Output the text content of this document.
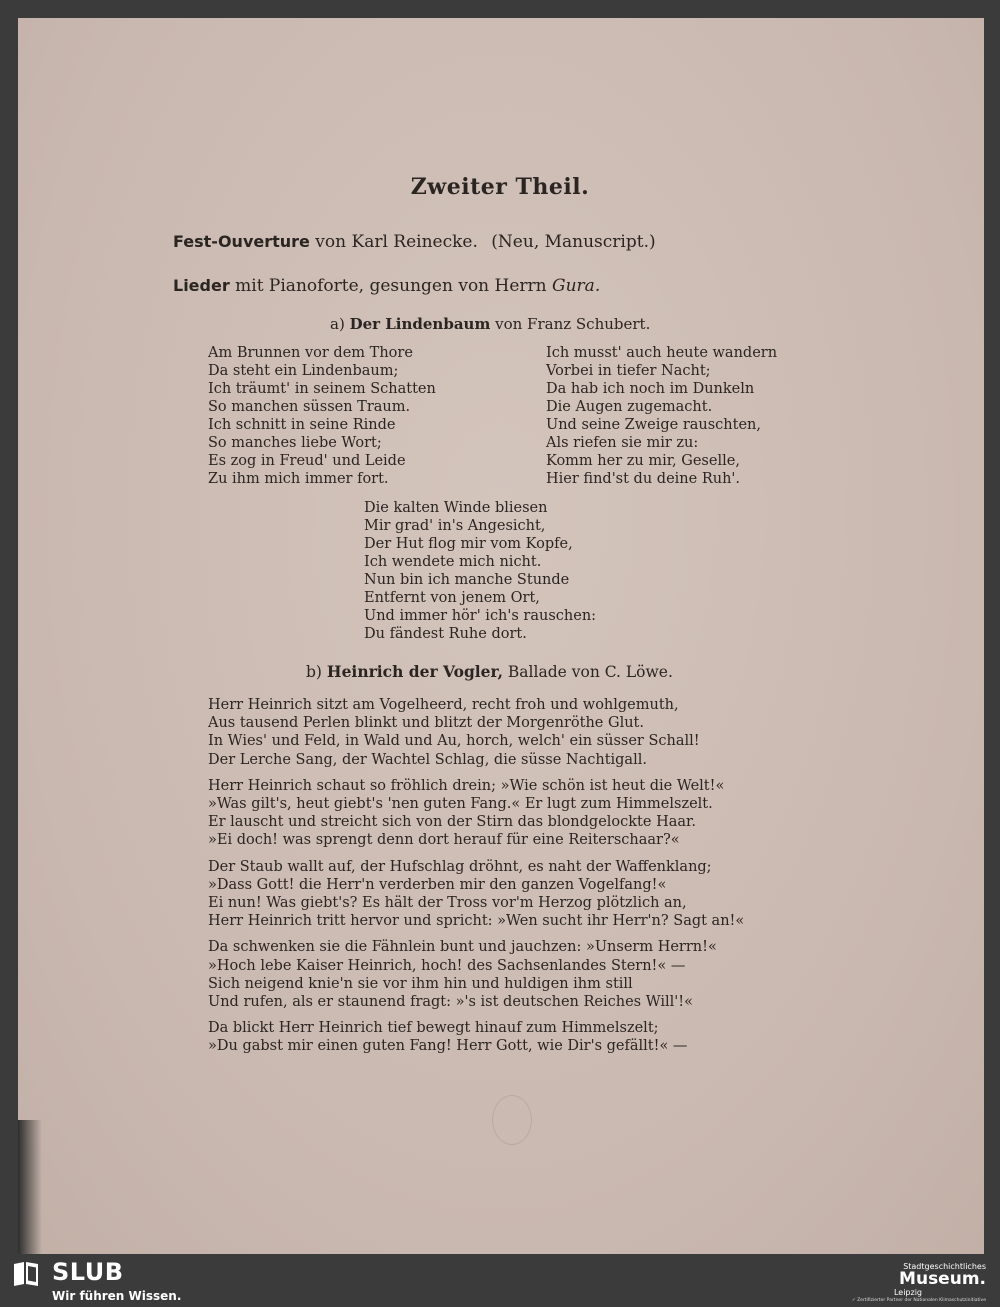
Zweiter Theil.
Fest-Ouverture von Karl Reinecke. (Neu, Manuscript.)
Lieder mit Pianoforte, gesungen von Herrn Gura.
a) Der Lindenbaum von Franz Schubert.
Am Brunnen vor dem Thore
Da steht ein Lindenbaum;
Ich träumt' in seinem Schatten
So manchen süssen Traum.
Ich schnitt in seine Rinde
So manches liebe Wort;
Es zog in Freud' und Leide
Zu ihm mich immer fort.
Ich musst' auch heute wandern
Vorbei in tiefer Nacht;
Da hab ich noch im Dunkeln
Die Augen zugemacht.
Und seine Zweige rauschten,
Als riefen sie mir zu:
Komm her zu mir, Geselle,
Hier find'st du deine Ruh'.
Die kalten Winde bliesen
Mir grad' in's Angesicht,
Der Hut flog mir vom Kopfe,
Ich wendete mich nicht.
Nun bin ich manche Stunde
Entfernt von jenem Ort,
Und immer hör' ich's rauschen:
Du fändest Ruhe dort.
b) Heinrich der Vogler, Ballade von C. Löwe.
Herr Heinrich sitzt am Vogelheerd, recht froh und wohlgemuth,
Aus tausend Perlen blinkt und blitzt der Morgenröthe Glut.
In Wies' und Feld, in Wald und Au, horch, welch' ein süsser Schall!
Der Lerche Sang, der Wachtel Schlag, die süsse Nachtigall.
Herr Heinrich schaut so fröhlich drein; »Wie schön ist heut die Welt!«
»Was gilt's, heut giebt's 'nen guten Fang.« Er lugt zum Himmelszelt.
Er lauscht und streicht sich von der Stirn das blondgelockte Haar.
»Ei doch! was sprengt denn dort herauf für eine Reiterschaar?«
Der Staub wallt auf, der Hufschlag dröhnt, es naht der Waffenklang;
»Dass Gott! die Herr'n verderben mir den ganzen Vogelfang!«
Ei nun! Was giebt's? Es hält der Tross vor'm Herzog plötzlich an,
Herr Heinrich tritt hervor und spricht: »Wen sucht ihr Herr'n? Sagt an!«
Da schwenken sie die Fähnlein bunt und jauchzen: »Unserm Herrn!«
»Hoch lebe Kaiser Heinrich, hoch! des Sachsenlandes Stern!« —
Sich neigend knie'n sie vor ihm hin und huldigen ihm still
Und rufen, als er staunend fragt: »'s ist deutschen Reiches Will'!«
Da blickt Herr Heinrich tief bewegt hinauf zum Himmelszelt;
»Du gabst mir einen guten Fang! Herr Gott, wie Dir's gefällt!« —
SLUB
Wir führen Wissen.
Stadtgeschichtliches
Museum.
Leipzig
✓ Zertifizierter Partner der Nationalen Klimaschutzinitiative
